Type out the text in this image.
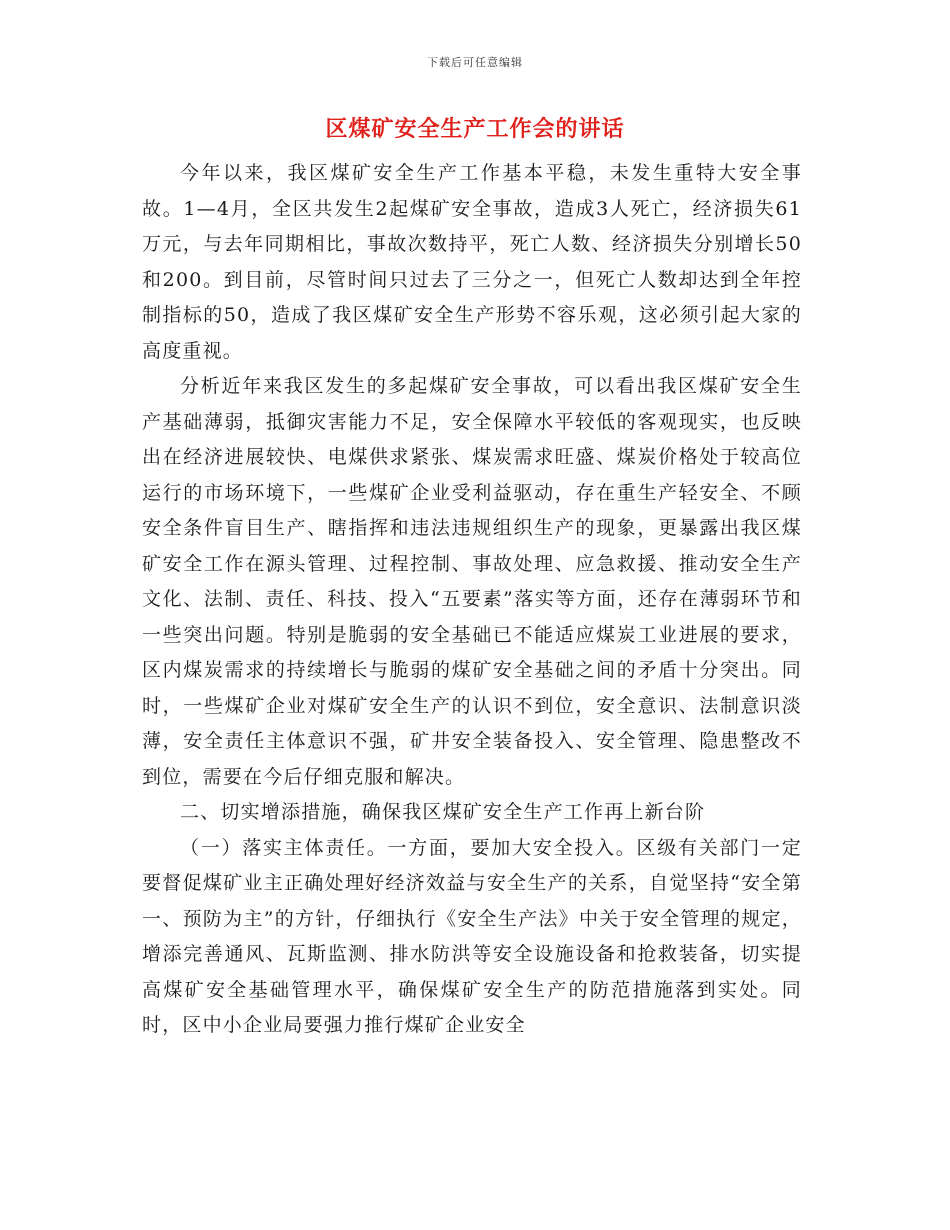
下载后可任意编辑
区煤矿安全生产工作会的讲话

今年以来，我区煤矿安全生产工作基本平稳，未发生重特大安全事故。1—4月，全区共发生2起煤矿安全事故，造成3人死亡，经济损失61万元，与去年同期相比，事故次数持平，死亡人数、经济损失分别增长50和200。到目前，尽管时间只过去了三分之一，但死亡人数却达到全年控制指标的50，造成了我区煤矿安全生产形势不容乐观，这必须引起大家的高度重视。

分析近年来我区发生的多起煤矿安全事故，可以看出我区煤矿安全生产基础薄弱，抵御灾害能力不足，安全保障水平较低的客观现实，也反映出在经济进展较快、电煤供求紧张、煤炭需求旺盛、煤炭价格处于较高位运行的市场环境下，一些煤矿企业受利益驱动，存在重生产轻安全、不顾安全条件盲目生产、瞎指挥和违法违规组织生产的现象，更暴露出我区煤矿安全工作在源头管理、过程控制、事故处理、应急救援、推动安全生产文化、法制、责任、科技、投入“五要素”落实等方面，还存在薄弱环节和一些突出问题。特别是脆弱的安全基础已不能适应煤炭工业进展的要求，区内煤炭需求的持续增长与脆弱的煤矿安全基础之间的矛盾十分突出。同时，一些煤矿企业对煤矿安全生产的认识不到位，安全意识、法制意识淡薄，安全责任主体意识不强，矿井安全装备投入、安全管理、隐患整改不到位，需要在今后仔细克服和解决。

二、切实增添措施，确保我区煤矿安全生产工作再上新台阶

（一）落实主体责任。一方面，要加大安全投入。区级有关部门一定要督促煤矿业主正确处理好经济效益与安全生产的关系，自觉坚持“安全第一、预防为主”的方针，仔细执行《安全生产法》中关于安全管理的规定，增添完善通风、瓦斯监测、排水防洪等安全设施设备和抢救装备，切实提高煤矿安全基础管理水平，确保煤矿安全生产的防范措施落到实处。同时，区中小企业局要强力推行煤矿企业安全
